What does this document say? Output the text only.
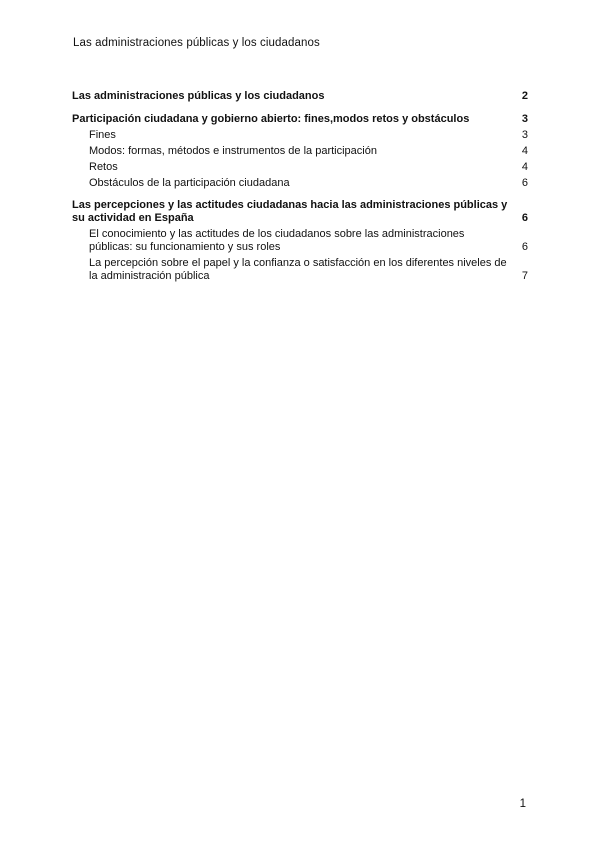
Las administraciones públicas y los ciudadanos
Las administraciones públicas y los ciudadanos	2
Participación ciudadana y gobierno abierto: fines,modos retos y obstáculos	3
Fines	3
Modos: formas, métodos e instrumentos de la participación	4
Retos	4
Obstáculos de la participación ciudadana	6
Las percepciones y las actitudes ciudadanas hacia las administraciones públicas y su actividad en España	6
El conocimiento y las actitudes de los ciudadanos sobre las administraciones públicas: su funcionamiento y sus roles	6
La percepción sobre el papel y la confianza o satisfacción en los diferentes niveles de la administración pública	7
1
